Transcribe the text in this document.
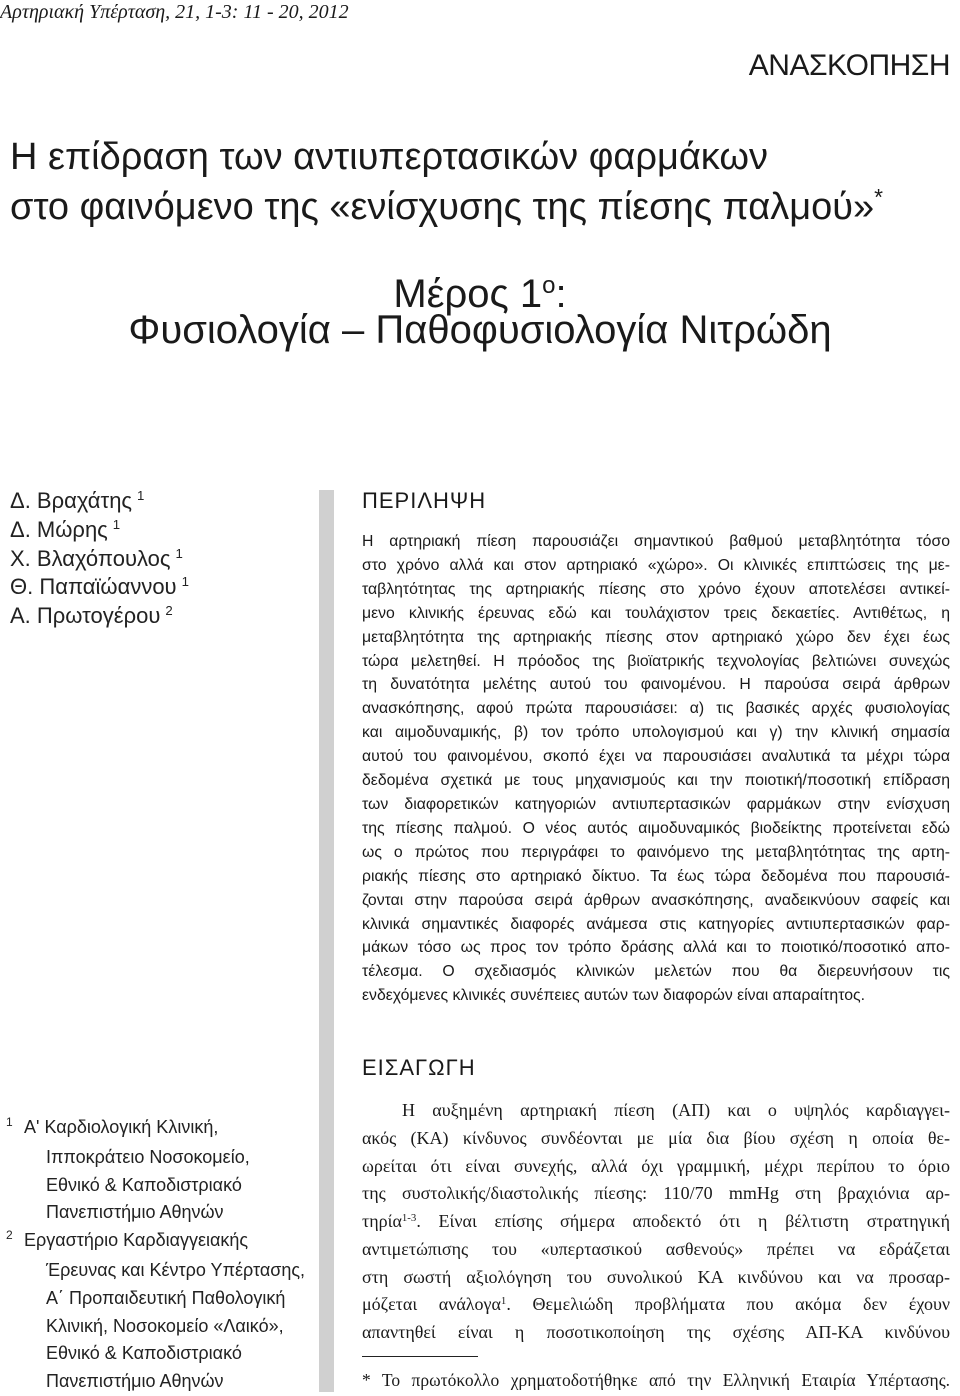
Αρτηριακή Υπέρταση, 21, 1-3: 11 - 20, 2012
ΑΝΑΣΚΟΠΗΣΗ
Η επίδραση των αντιυπερτασικών φαρμάκων
στο φαινόμενο της «ενίσχυσης της πίεσης παλμού»*
Μέρος $1^o$:
Φυσιολογία – Παθοφυσιολογία Νιτρώδη
Δ. Βραχάτης $^1$
Δ. Μώρης $^1$
Χ. Βλαχόπουλος $^1$
Θ. Παπαϊώαννου $^1$
Α. Πρωτογέρου $^2$
ΠΕΡΙΛΗΨΗ
Η αρτηριακή πίεση παρουσιάζει σημαντικού βαθμού μεταβλητότητα τόσο
στο χρόνο αλλά και στον αρτηριακό «χώρο». Οι κλινικές επιπτώσεις της με-
ταβλητότητας της αρτηριακής πίεσης στο χρόνο έχουν αποτελέσει αντικεί-
μενο κλινικής έρευνας εδώ και τουλάχιστον τρεις δεκαετίες. Αντιθέτως, η
μεταβλητότητα της αρτηριακής πίεσης στον αρτηριακό χώρο δεν έχει έως
τώρα μελετηθεί. Η πρόοδος της βιοϊατρικής τεχνολογίας βελτιώνει συνεχώς
τη δυνατότητα μελέτης αυτού του φαινομένου. Η παρούσα σειρά άρθρων
ανασκόπησης, αφού πρώτα παρουσιάσει: α) τις βασικές αρχές φυσιολογίας
και αιμοδυναμικής, β) τον τρόπο υπολογισμού και γ) την κλινική σημασία
αυτού του φαινομένου, σκοπό έχει να παρουσιάσει αναλυτικά τα μέχρι τώρα
δεδομένα σχετικά με τους μηχανισμούς και την ποιοτική/ποσοτική επίδραση
των διαφορετικών κατηγοριών αντιυπερτασικών φαρμάκων στην ενίσχυση
της πίεσης παλμού. Ο νέος αυτός αιμοδυναμικός βιοδείκτης προτείνεται εδώ
ως ο πρώτος που περιγράφει το φαινόμενο της μεταβλητότητας της αρτη-
ριακής πίεσης στο αρτηριακό δίκτυο. Τα έως τώρα δεδομένα που παρουσιά-
ζονται στην παρούσα σειρά άρθρων ανασκόπησης, αναδεικνύουν σαφείς και
κλινικά σημαντικές διαφορές ανάμεσα στις κατηγορίες αντιυπερτασικών φαρ-
μάκων τόσο ως προς τον τρόπο δράσης αλλά και το ποιοτικό/ποσοτικό απο-
τέλεσμα. Ο σχεδιασμός κλινικών μελετών που θα διερευνήσουν τις
ενδεχόμενες κλινικές συνέπειες αυτών των διαφορών είναι απαραίτητος.
ΕΙΣΑΓΩΓΗ
Η αυξημένη αρτηριακή πίεση (ΑΠ) και ο υψηλός καρδιαγγει-
ακός (ΚΑ) κίνδυνος συνδέονται με μία δια βίου σχέση η οποία θε-
ωρείται ότι είναι συνεχής, αλλά όχι γραμμική, μέχρι περίπου το όριο
της συστολικής/διαστολικής πίεσης: 110/70 mmHg στη βραχιόνια αρ-
τηρία$^{1-3}$. Είναι επίσης σήμερα αποδεκτό ότι η βέλτιστη στρατηγική
αντιμετώπισης του «υπερτασικού ασθενούς» πρέπει να εδράζεται
στη σωστή αξιολόγηση του συνολικού ΚΑ κινδύνου και να προσαρ-
μόζεται ανάλογα$^1$. Θεμελιώδη προβλήματα που ακόμα δεν έχουν
απαντηθεί είναι η ποσοτικοποίηση της σχέσης ΑΠ-ΚΑ κινδύνου
* Το πρωτόκολλο χρηματοδοτήθηκε από την Ελληνική Εταιρία Υπέρτασης.
1 Α' Καρδιολογική Κλινική,
Ιπποκράτειο Νοσοκομείο,
Εθνικό & Καποδιστριακό
Πανεπιστήμιο Αθηνών
2 Εργαστήριο Καρδιαγγειακής
Έρευνας και Κέντρο Υπέρτασης,
Α΄ Προπαιδευτική Παθολογική
Κλινική, Νοσοκομείο «Λαικό»,
Εθνικό & Καποδιστριακό
Πανεπιστήμιο Αθηνών
